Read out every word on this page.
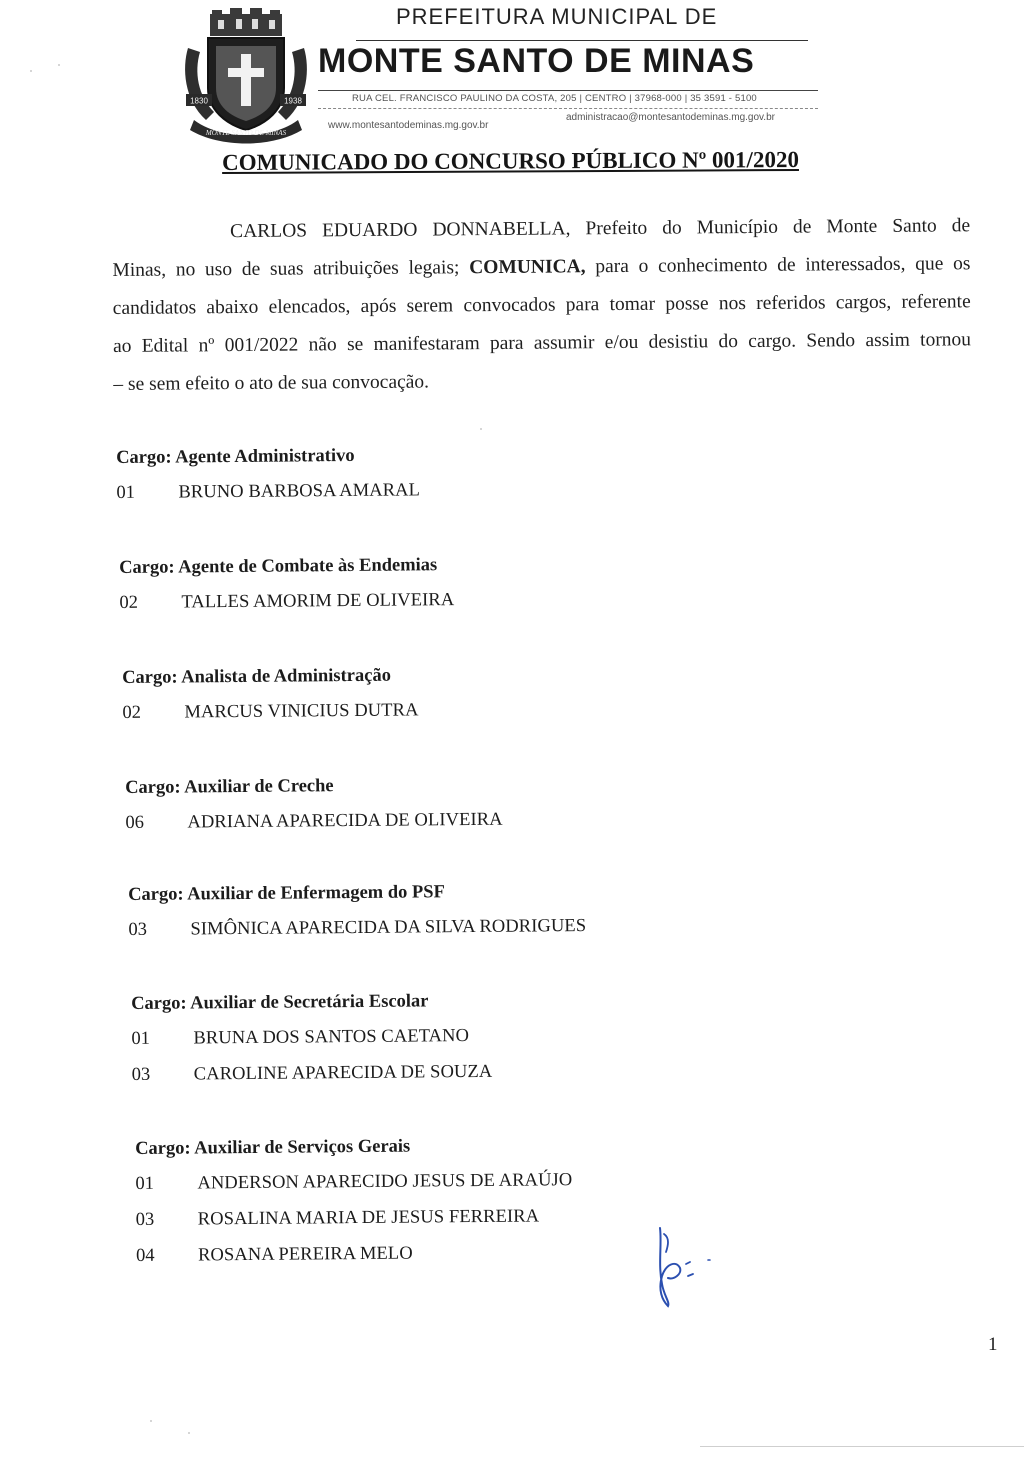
1830	1938
MONTE SANTO DE MINAS
PREFEITURA MUNICIPAL DE
MONTE SANTO DE MINAS
RUA CEL. FRANCISCO PAULINO DA COSTA, 205 | CENTRO | 37968-000 | 35 3591 - 5100
administracao@montesantodeminas.mg.gov.br
www.montesantodeminas.mg.gov.br
COMUNICADO DO CONCURSO PÚBLICO Nº 001/2020
CARLOS EDUARDO DONNABELLA, Prefeito do Município de Monte Santo de
Minas, no uso de suas atribuições legais; COMUNICA, para o conhecimento de interessados, que os
candidatos abaixo elencados, após serem convocados para tomar posse nos referidos cargos, referente
ao Edital nº 001/2022 não se manifestaram para assumir e/ou desistiu do cargo. Sendo assim tornou
– se sem efeito o ato de sua convocação.
Cargo: Agente Administrativo
01	BRUNO BARBOSA AMARAL
Cargo: Agente de Combate às Endemias
02	TALLES AMORIM DE OLIVEIRA
Cargo: Analista de Administração
02	MARCUS VINICIUS DUTRA
Cargo: Auxiliar de Creche
06	ADRIANA APARECIDA DE OLIVEIRA
Cargo: Auxiliar de Enfermagem do PSF
03	SIMÔNICA APARECIDA DA SILVA RODRIGUES
Cargo: Auxiliar de Secretária Escolar
01	BRUNA DOS SANTOS CAETANO
03	CAROLINE APARECIDA DE SOUZA
Cargo: Auxiliar de Serviços Gerais
01	ANDERSON APARECIDO JESUS DE ARAÚJO
03	ROSALINA MARIA DE JESUS FERREIRA
04	ROSANA PEREIRA MELO
1
